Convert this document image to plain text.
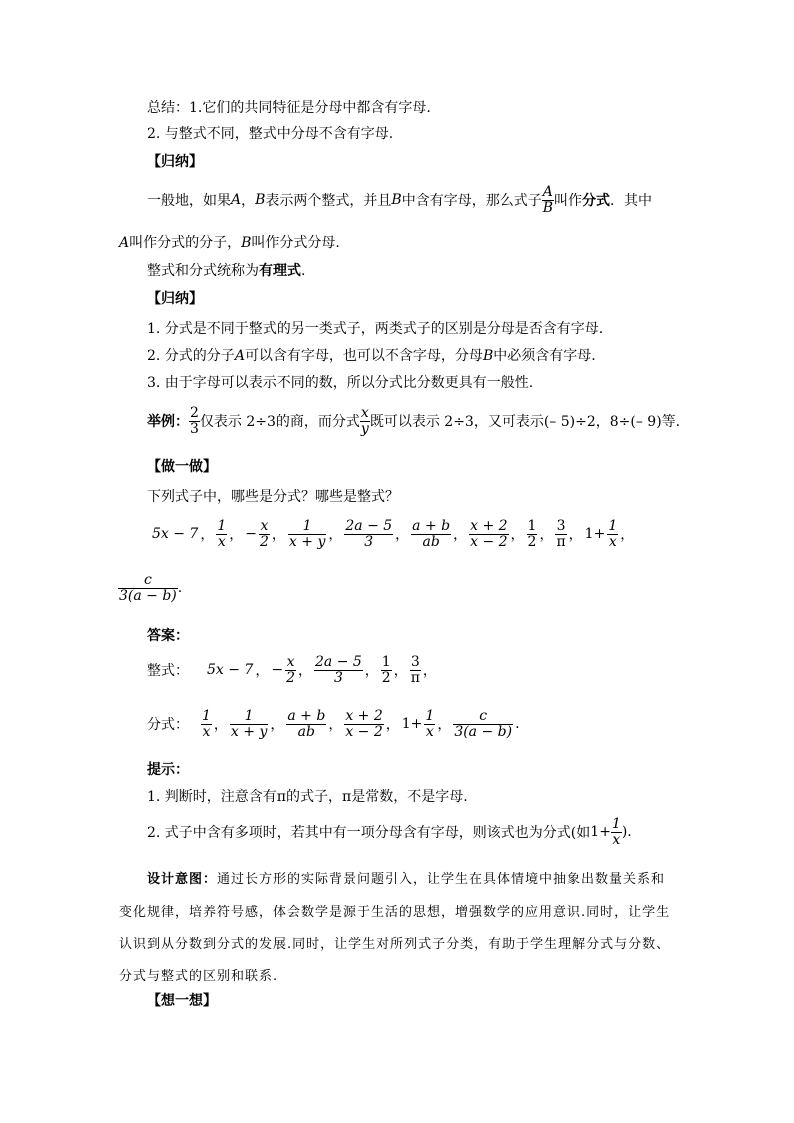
总结：1.它们的共同特征是分母中都含有字母.
2. 与整式不同，整式中分母不含有字母.
【归纳】
一般地，如果 A ， B 表示两个整式，并且 B 中含有字母，那么式子 $\frac{A}{B}$ 叫作 分式 ．其中
A叫作分式的分子，B叫作分式分母.
整式和分式统称为有理式.
【归纳】
1. 分式是不同于整式的另一类式子，两类式子的区别是分母是否含有字母.
2. 分式的分子A可以含有字母，也可以不含字母，分母B中必须含有字母.
3. 由于字母可以表示不同的数，所以分式比分数更具有一般性.
举例： $\frac{2}{3}$ 仅表示 2÷3的商，而分式 $\frac{x}{y}$ 既可以表示 2÷3，又可表示(– 5)÷2，8÷(– 9)等.
【做一做】
下列式子中，哪些是分式？哪些是整式？
5x − 7 ， $\frac{1}{x}$ ， − $\frac{x}{2}$ ， $\frac{1}{x + y}$ ， $\frac{2a - 5}{3}$ ， $\frac{a + b}{ab}$ ， $\frac{x + 2}{x - 2}$ ， $\frac{1}{2}$ ， $\frac{3}{\pi}$ ， $1+ \frac{1}{x}$ ，
$\frac{c}{3(a - b)}$ .
答案：
整式： 5x − 7 ， − $\frac{x}{2}$ ， $\frac{2a - 5}{3}$ ， $\frac{1}{2}$ ， $\frac{3}{\pi}$ ，
分式： $\frac{1}{x}$ ， $\frac{1}{x + y}$ ， $\frac{a + b}{ab}$ ， $\frac{x + 2}{x - 2}$ ， $1+ \frac{1}{x}$ ， $\frac{c}{3(a - b)}$ .
提示：
1. 判断时，注意含有π的式子，π是常数，不是字母.
2. 式子中含有多项时，若其中有一项分母含有字母，则该式也为分式(如 $1+ \frac{1}{x}$ ).
设计意图：通过长方形的实际背景问题引入，让学生在具体情境中抽象出数量关系和
变化规律，培养符号感，体会数学是源于生活的思想，增强数学的应用意识.同时，让学生
认识到从分数到分式的发展.同时，让学生对所列式子分类，有助于学生理解分式与分数、
分式与整式的区别和联系.
【想一想】
